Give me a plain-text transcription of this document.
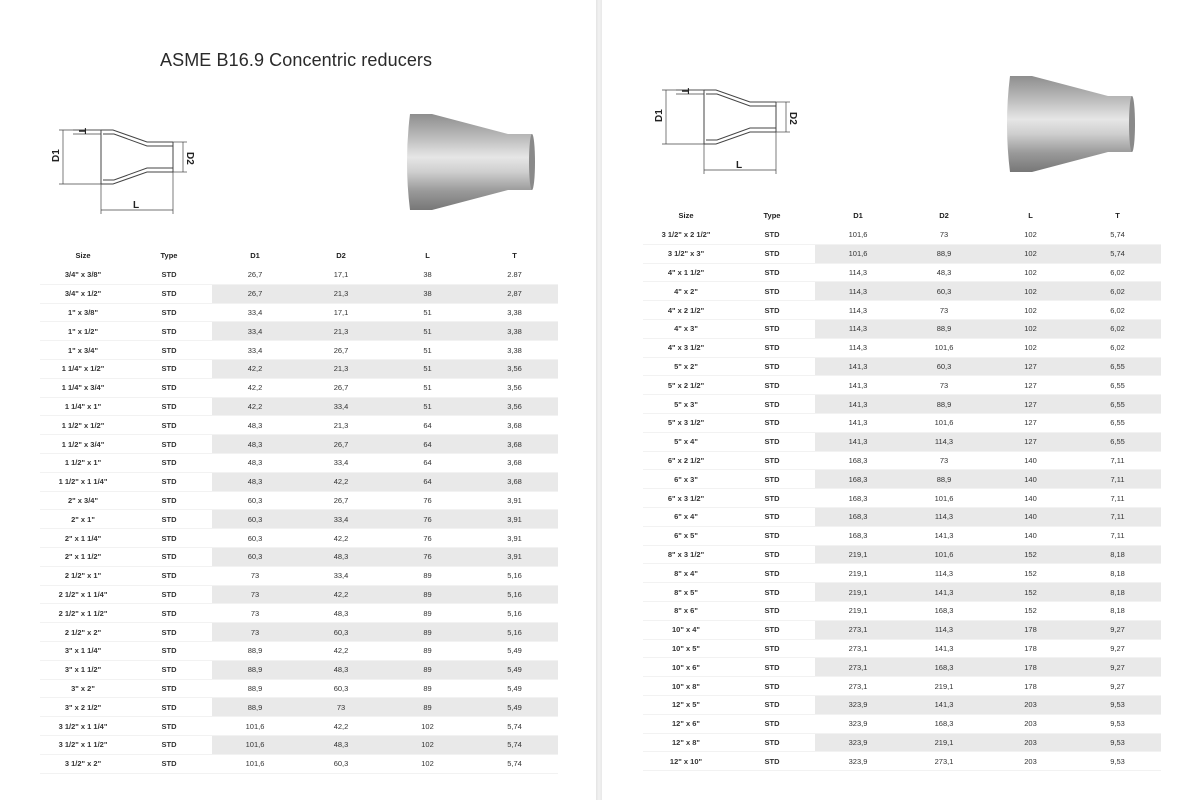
ASME B16.9 Concentric reducers
D1	D2
L
T
Size	Type	D1	D2	L	T
3/4" x 3/8"	STD	26,7	17,1	38	2.87
3/4" x 1/2"	STD	26,7	21,3	38	2,87
1" x 3/8"	STD	33,4	17,1	51	3,38
1" x 1/2"	STD	33,4	21,3	51	3,38
1" x 3/4"	STD	33,4	26,7	51	3,38
1 1/4" x 1/2"	STD	42,2	21,3	51	3,56
1 1/4" x 3/4"	STD	42,2	26,7	51	3,56
1 1/4" x 1"	STD	42,2	33,4	51	3,56
1 1/2" x 1/2"	STD	48,3	21,3	64	3,68
1 1/2" x 3/4"	STD	48,3	26,7	64	3,68
1 1/2" x 1"	STD	48,3	33,4	64	3,68
1 1/2" x 1 1/4"	STD	48,3	42,2	64	3,68
2" x 3/4"	STD	60,3	26,7	76	3,91
2" x 1"	STD	60,3	33,4	76	3,91
2" x 1 1/4"	STD	60,3	42,2	76	3,91
2" x 1 1/2"	STD	60,3	48,3	76	3,91
2 1/2" x 1"	STD	73	33,4	89	5,16
2 1/2" x 1 1/4"	STD	73	42,2	89	5,16
2 1/2" x 1 1/2"	STD	73	48,3	89	5,16
2 1/2" x 2"	STD	73	60,3	89	5,16
3" x 1 1/4"	STD	88,9	42,2	89	5,49
3" x 1 1/2"	STD	88,9	48,3	89	5,49
3" x 2"	STD	88,9	60,3	89	5,49
3" x 2 1/2"	STD	88,9	73	89	5,49
3 1/2" x 1 1/4"	STD	101,6	42,2	102	5,74
3 1/2" x 1 1/2"	STD	101,6	48,3	102	5,74
3 1/2" x 2"	STD	101,6	60,3	102	5,74
D1	D2
L
T
Size	Type	D1	D2	L	T
3 1/2" x 2 1/2"	STD	101,6	73	102	5,74
3 1/2" x 3"	STD	101,6	88,9	102	5,74
4" x 1 1/2"	STD	114,3	48,3	102	6,02
4" x 2"	STD	114,3	60,3	102	6,02
4" x 2 1/2"	STD	114,3	73	102	6,02
4" x 3"	STD	114,3	88,9	102	6,02
4" x 3 1/2"	STD	114,3	101,6	102	6,02
5" x 2"	STD	141,3	60,3	127	6,55
5" x 2 1/2"	STD	141,3	73	127	6,55
5" x 3"	STD	141,3	88,9	127	6,55
5" x 3 1/2"	STD	141,3	101,6	127	6,55
5" x 4"	STD	141,3	114,3	127	6,55
6" x 2 1/2"	STD	168,3	73	140	7,11
6" x 3"	STD	168,3	88,9	140	7,11
6" x 3 1/2"	STD	168,3	101,6	140	7,11
6" x 4"	STD	168,3	114,3	140	7,11
6" x 5"	STD	168,3	141,3	140	7,11
8" x 3 1/2"	STD	219,1	101,6	152	8,18
8" x 4"	STD	219,1	114,3	152	8,18
8" x 5"	STD	219,1	141,3	152	8,18
8" x 6"	STD	219,1	168,3	152	8,18
10" x 4"	STD	273,1	114,3	178	9,27
10" x 5"	STD	273,1	141,3	178	9,27
10" x 6"	STD	273,1	168,3	178	9,27
10" x 8"	STD	273,1	219,1	178	9,27
12" x 5"	STD	323,9	141,3	203	9,53
12" x 6"	STD	323,9	168,3	203	9,53
12" x 8"	STD	323,9	219,1	203	9,53
12" x 10"	STD	323,9	273,1	203	9,53
